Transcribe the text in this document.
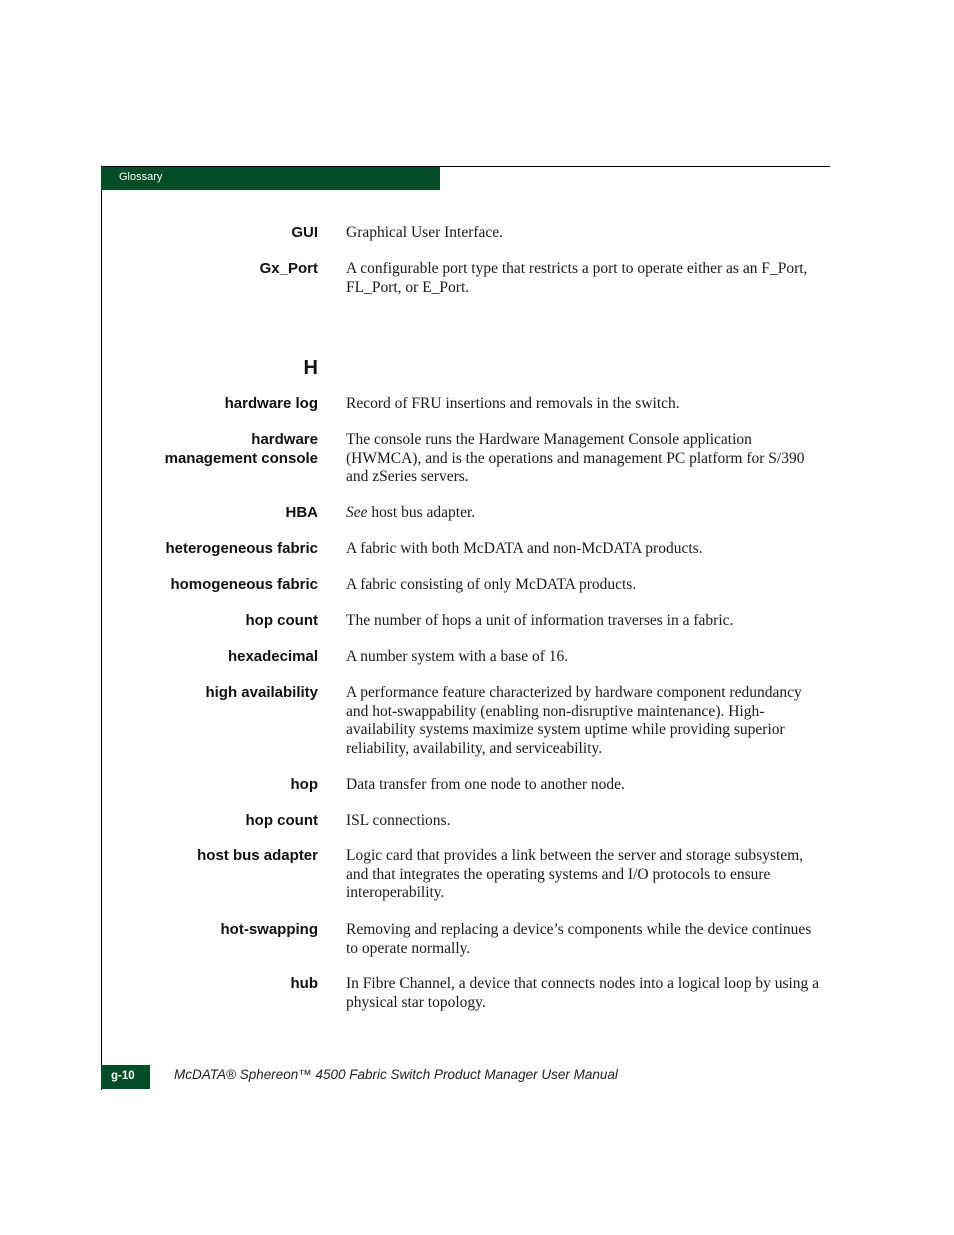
Glossary
GUI Graphical User Interface.
Gx_Port A configurable port type that restricts a port to operate either as an F_Port, FL_Port, or E_Port.
H
hardware log Record of FRU insertions and removals in the switch.
hardware
management console
The console runs the Hardware Management Console application (HWMCA), and is the operations and management PC platform for S/390 and zSeries servers.
HBA See host bus adapter.
heterogeneous fabric A fabric with both McDATA and non-McDATA products.
homogeneous fabric A fabric consisting of only McDATA products.
hop count The number of hops a unit of information traverses in a fabric.
hexadecimal A number system with a base of 16.
high availability A performance feature characterized by hardware component redundancy and hot-swappability (enabling non-disruptive maintenance). High-availability systems maximize system uptime while providing superior reliability, availability, and serviceability.
hop Data transfer from one node to another node.
hop count ISL connections.
host bus adapter Logic card that provides a link between the server and storage subsystem, and that integrates the operating systems and I/O protocols to ensure interoperability.
hot-swapping Removing and replacing a device’s components while the device continues to operate normally.
hub In Fibre Channel, a device that connects nodes into a logical loop by using a physical star topology.
g-10	McDATA® Sphereon™ 4500 Fabric Switch Product Manager User Manual
